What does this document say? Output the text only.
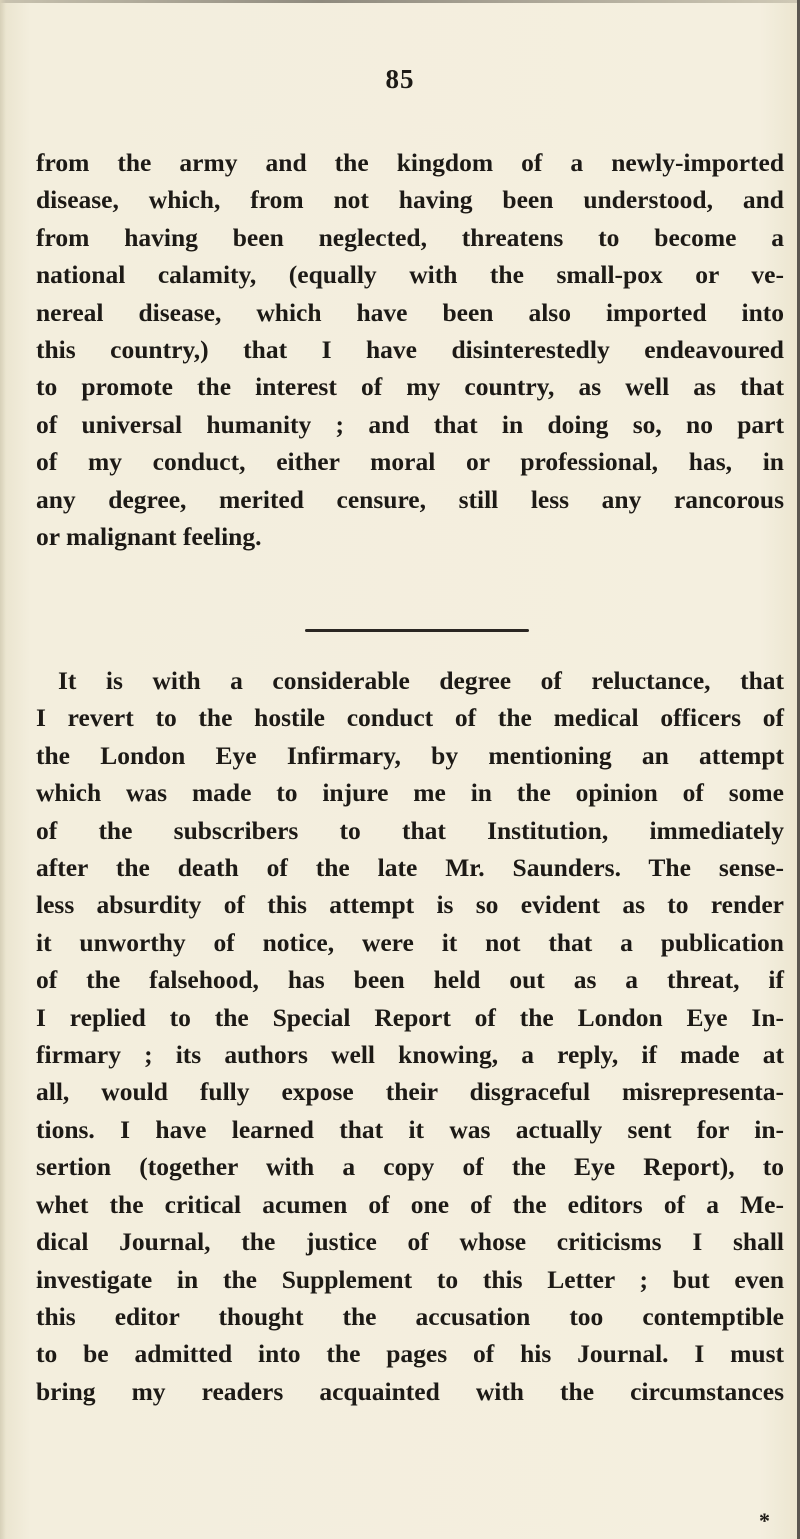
85
from the army and the kingdom of a newly-imported
disease, which, from not having been understood, and
from having been neglected, threatens to become a
national calamity, (equally with the small-pox or ve-
nereal disease, which have been also imported into
this country,) that I have disinterestedly endeavoured
to promote the interest of my country, as well as that
of universal humanity ; and that in doing so, no part
of my conduct, either moral or professional, has, in
any degree, merited censure, still less any rancorous
or malignant feeling.
It is with a considerable degree of reluctance, that
I revert to the hostile conduct of the medical officers of
the London Eye Infirmary, by mentioning an attempt
which was made to injure me in the opinion of some
of the subscribers to that Institution, immediately
after the death of the late Mr. Saunders. The sense-
less absurdity of this attempt is so evident as to render
it unworthy of notice, were it not that a publication
of the falsehood, has been held out as a threat, if
I replied to the Special Report of the London Eye In-
firmary ; its authors well knowing, a reply, if made at
all, would fully expose their disgraceful misrepresenta-
tions. I have learned that it was actually sent for in-
sertion (together with a copy of the Eye Report), to
whet the critical acumen of one of the editors of a Me-
dical Journal, the justice of whose criticisms I shall
investigate in the Supplement to this Letter ; but even
this editor thought the accusation too contemptible
to be admitted into the pages of his Journal. I must
bring my readers acquainted with the circumstances
*
